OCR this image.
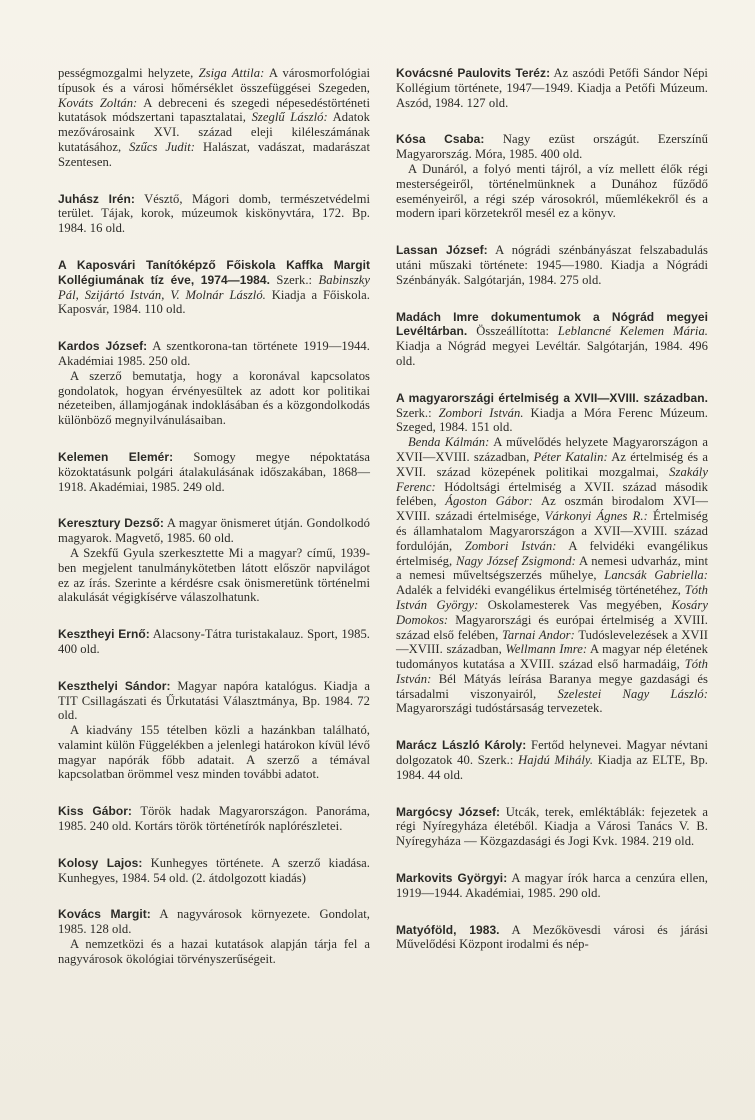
pességmozgalmi helyzete, Zsiga Attila: A városmorfológiai típusok és a városi hőmérséklet összefüggései Szegeden, Kováts Zoltán: A debreceni és szegedi népesedéstörténeti kutatások módszertani tapasztalatai, Szeglű László: Adatok mezővárosaink XVI. század eleji kiléleszámának kutatásához, Szűcs Judit: Halászat, vadászat, madarászat Szentesen.

Juhász Irén: Vésztő, Mágori domb, természetvédelmi terület. Tájak, korok, múzeumok kiskönyvtára, 172. Bp. 1984. 16 old.

A Kaposvári Tanítóképző Főiskola Kaffka Margit Kollégiumának tíz éve, 1974—1984. Szerk.: Babinszky Pál, Szijártó István, V. Molnár László. Kiadja a Főiskola. Kaposvár, 1984. 110 old.

Kardos József: A szentkorona-tan története 1919—1944. Akadémiai 1985. 250 old.

A szerző bemutatja, hogy a koronával kapcsolatos gondolatok, hogyan érvényesültek az adott kor politikai nézeteiben, államjogának indoklásában és a közgondolkodás különböző megnyilvánulásaiban.

Kelemen Elemér: Somogy megye népoktatása közoktatásunk polgári átalakulásának időszakában, 1868—1918. Akadémiai, 1985. 249 old.

Keresztury Dezső: A magyar önismeret útján. Gondolkodó magyarok. Magvető, 1985. 60 old.

A Szekfű Gyula szerkesztette Mi a magyar? című, 1939-ben megjelent tanulmánykötetben látott először napvilágot ez az írás. Szerinte a kérdésre csak önismeretünk történelmi alakulását végigkísérve válaszolhatunk.

Kesztheyi Ernő: Alacsony-Tátra turistakalauz. Sport, 1985. 400 old.

Keszthelyi Sándor: Magyar napóra katalógus. Kiadja a TIT Csillagászati és Űrkutatási Választmánya, Bp. 1984. 72 old.

A kiadvány 155 tételben közli a hazánkban található, valamint külön Függelékben a jelenlegi határokon kívül lévő magyar napórák főbb adatait. A szerző a témával kapcsolatban örömmel vesz minden további adatot.

Kiss Gábor: Török hadak Magyarországon. Panoráma, 1985. 240 old. Kortárs török történetírók naplórészletei.

Kolosy Lajos: Kunhegyes története. A szerző kiadása. Kunhegyes, 1984. 54 old. (2. átdolgozott kiadás)

Kovács Margit: A nagyvárosok környezete. Gondolat, 1985. 128 old.

A nemzetközi és a hazai kutatások alapján tárja fel a nagyvárosok ökológiai törvényszerűségeit.

Kovácsné Paulovits Teréz: Az aszódi Petőfi Sándor Népi Kollégium története, 1947—1949. Kiadja a Petőfi Múzeum. Aszód, 1984. 127 old.

Kósa Csaba: Nagy ezüst országút. Ezerszínű Magyarország. Móra, 1985. 400 old.

A Dunáról, a folyó menti tájról, a víz mellett élők régi mesterségeiről, történelmünknek a Dunához fűződő eseményeiről, a régi szép városokról, műemlékekről és a modern ipari körzetekről mesél ez a könyv.

Lassan József: A nógrádi szénbányászat felszabadulás utáni műszaki története: 1945—1980. Kiadja a Nógrádi Szénbányák. Salgótarján, 1984. 275 old.

Madách Imre dokumentumok a Nógrád megyei Levéltárban. Összeállította: Leblancné Kelemen Mária. Kiadja a Nógrád megyei Levéltár. Salgótarján, 1984. 496 old.

A magyarországi értelmiség a XVII—XVIII. században. Szerk.: Zombori István. Kiadja a Móra Ferenc Múzeum. Szeged, 1984. 151 old.

Benda Kálmán: A művelődés helyzete Magyarországon a XVII—XVIII. században, Péter Katalin: Az értelmiség és a XVII. század közepének politikai mozgalmai, Szakály Ferenc: Hódoltsági értelmiség a XVII. század második felében, Ágoston Gábor: Az oszmán birodalom XVI—XVIII. századi értelmisége, Várkonyi Ágnes R.: Értelmiség és államhatalom Magyarországon a XVII—XVIII. század fordulóján, Zombori István: A felvidéki evangélikus értelmiség, Nagy József Zsigmond: A nemesi udvarház, mint a nemesi műveltségszerzés műhelye, Lancsák Gabriella: Adalék a felvidéki evangélikus értelmiség történetéhez, Tóth István György: Oskolamesterek Vas megyében, Kosáry Domokos: Magyarországi és európai értelmiség a XVIII. század első felében, Tarnai Andor: Tudóslevelezések a XVII—XVIII. században, Wellmann Imre: A magyar nép életének tudományos kutatása a XVIII. század első harmadáig, Tóth István: Bél Mátyás leírása Baranya megye gazdasági és társadalmi viszonyairól, Szelestei Nagy László: Magyarországi tudóstársaság tervezetek.

Marácz László Károly: Fertőd helynevei. Magyar névtani dolgozatok 40. Szerk.: Hajdú Mihály. Kiadja az ELTE, Bp. 1984. 44 old.

Margócsy József: Utcák, terek, emléktáblák: fejezetek a régi Nyíregyháza életéből. Kiadja a Városi Tanács V. B. Nyíregyháza — Közgazdasági és Jogi Kvk. 1984. 219 old.

Markovits Györgyi: A magyar írók harca a cenzúra ellen, 1919—1944. Akadémiai, 1985. 290 old.

Matyóföld, 1983. A Mezőkövesdi városi és járási Művelődési Központ irodalmi és nép-
